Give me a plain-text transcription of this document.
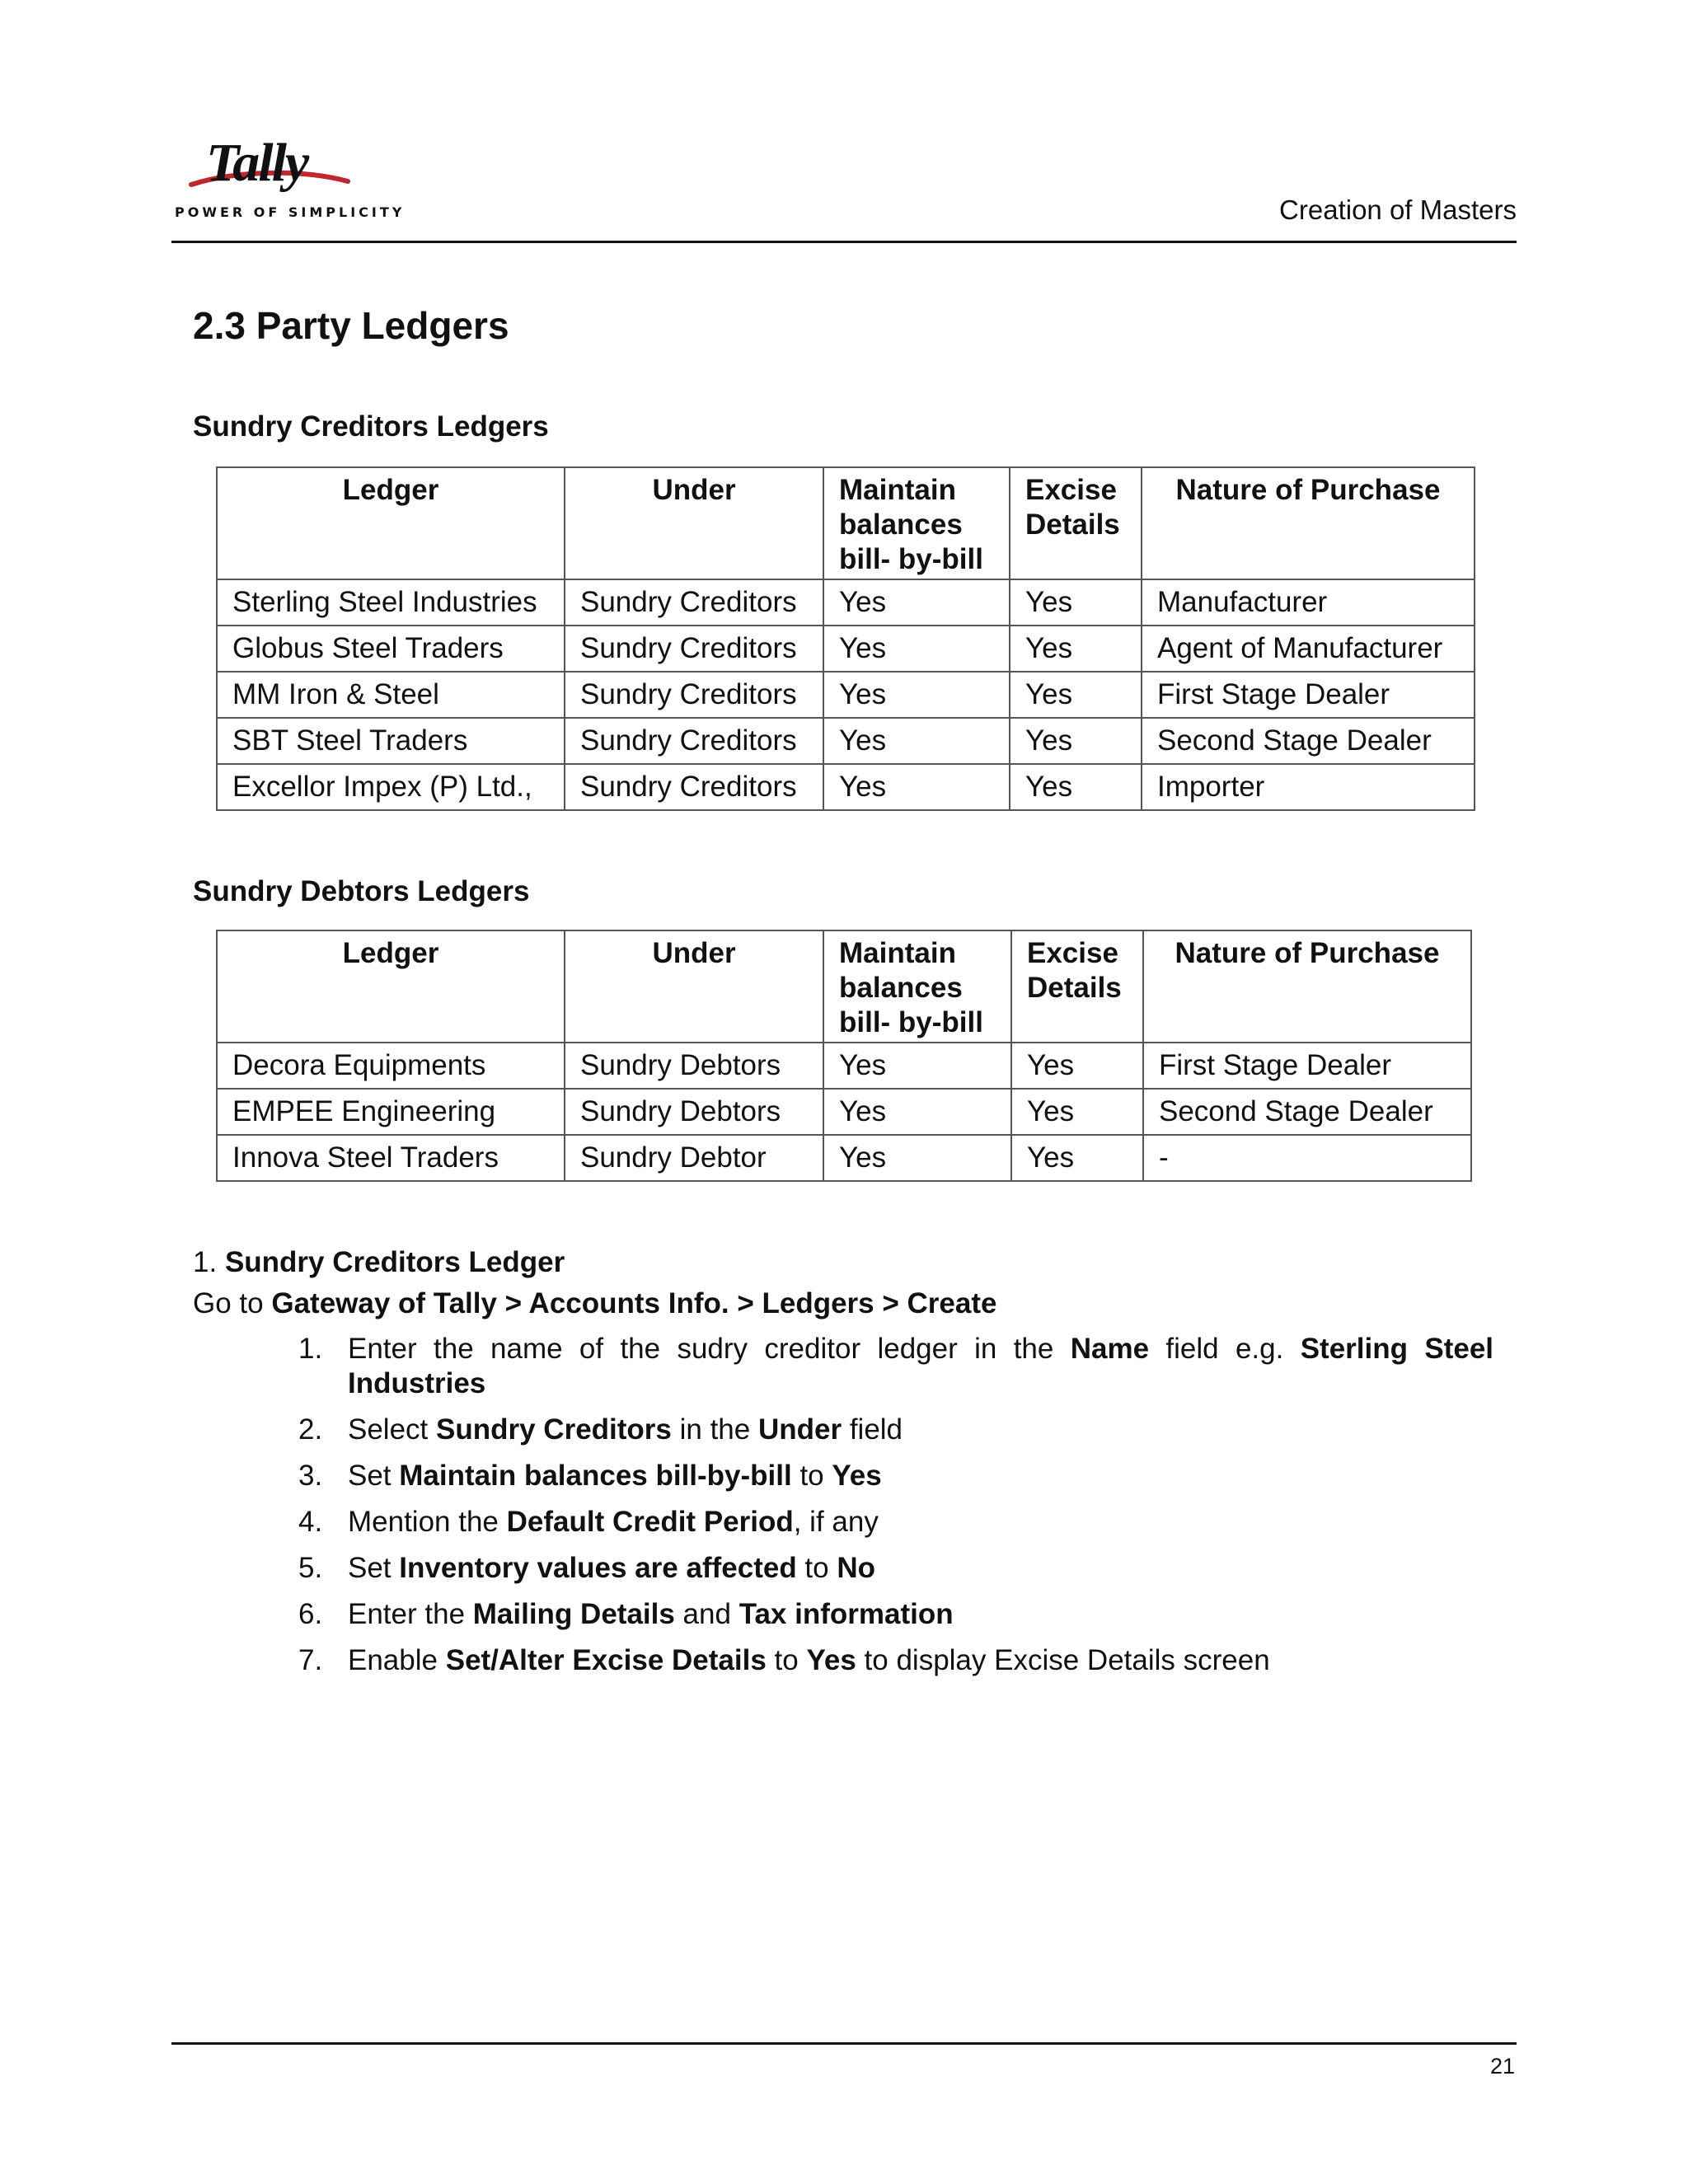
Tally
POWER OF SIMPLICITY	Creation of Masters
2.3 Party Ledgers
Sundry Creditors Ledgers
Ledger	Under	Maintain balances bill- by-bill	Excise Details	Nature of Purchase
Sterling Steel Industries	Sundry Creditors	Yes	Yes	Manufacturer
Globus Steel Traders	Sundry Creditors	Yes	Yes	Agent of Manufacturer
MM Iron & Steel	Sundry Creditors	Yes	Yes	First Stage Dealer
SBT Steel Traders	Sundry Creditors	Yes	Yes	Second Stage Dealer
Excellor Impex (P) Ltd.,	Sundry Creditors	Yes	Yes	Importer
Sundry Debtors Ledgers
Ledger	Under	Maintain balances bill- by-bill	Excise Details	Nature of Purchase
Decora Equipments	Sundry Debtors	Yes	Yes	First Stage Dealer
EMPEE Engineering	Sundry Debtors	Yes	Yes	Second Stage Dealer
Innova Steel Traders	Sundry Debtor	Yes	Yes	-
1. Sundry Creditors Ledger
Go to Gateway of Tally > Accounts Info. > Ledgers > Create
1. Enter the name of the sudry creditor ledger in the Name field e.g. Sterling Steel Industries
2. Select Sundry Creditors in the Under field
3. Set Maintain balances bill-by-bill to Yes
4. Mention the Default Credit Period, if any
5. Set Inventory values are affected to No
6. Enter the Mailing Details and Tax information
7. Enable Set/Alter Excise Details to Yes to display Excise Details screen
21
